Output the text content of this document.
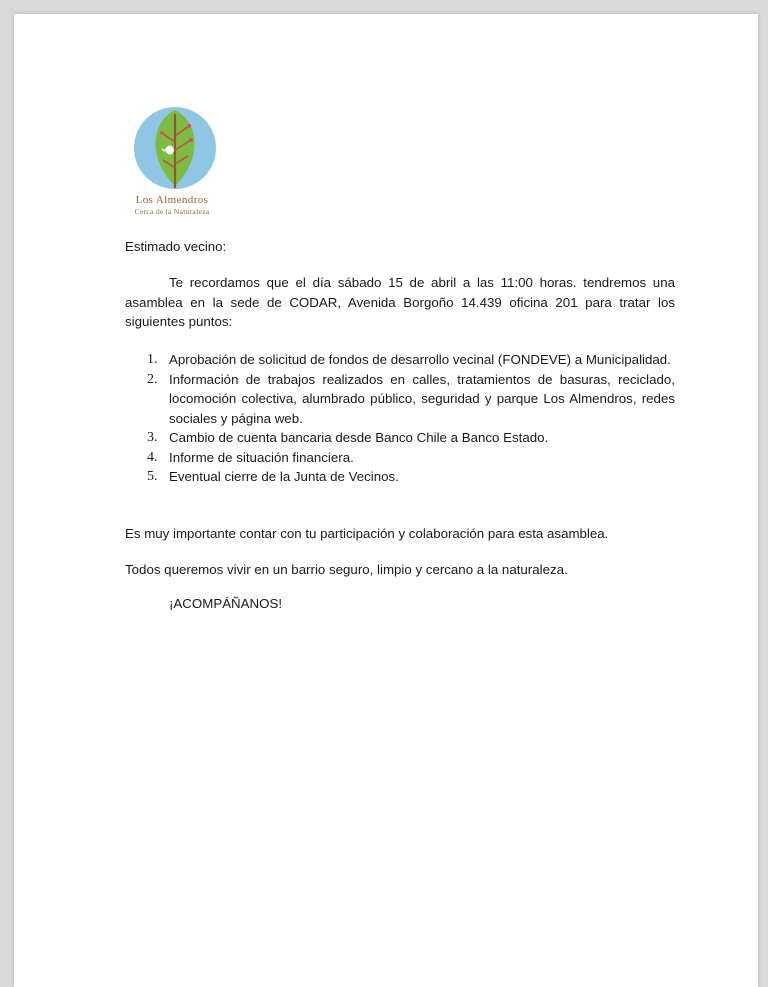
Los Almendros
Cerca de la Naturaleza
Estimado vecino:
Te recordamos que el día sábado 15 de abril a las 11:00 horas. tendremos una asamblea en la sede de CODAR, Avenida Borgoño 14.439 oficina 201 para tratar los siguientes puntos:
1. Aprobación de solicitud de fondos de desarrollo vecinal (FONDEVE) a Municipalidad.
2. Información de trabajos realizados en calles, tratamientos de basuras, reciclado, locomoción colectiva, alumbrado público, seguridad y parque Los Almendros, redes sociales y página web.
3. Cambio de cuenta bancaria desde Banco Chile a Banco Estado.
4. Informe de situación financiera.
5. Eventual cierre de la Junta de Vecinos.
Es muy importante contar con tu participación y colaboración para esta asamblea.
Todos queremos vivir en un barrio seguro, limpio y cercano a la naturaleza.
¡ACOMPÁÑANOS!
